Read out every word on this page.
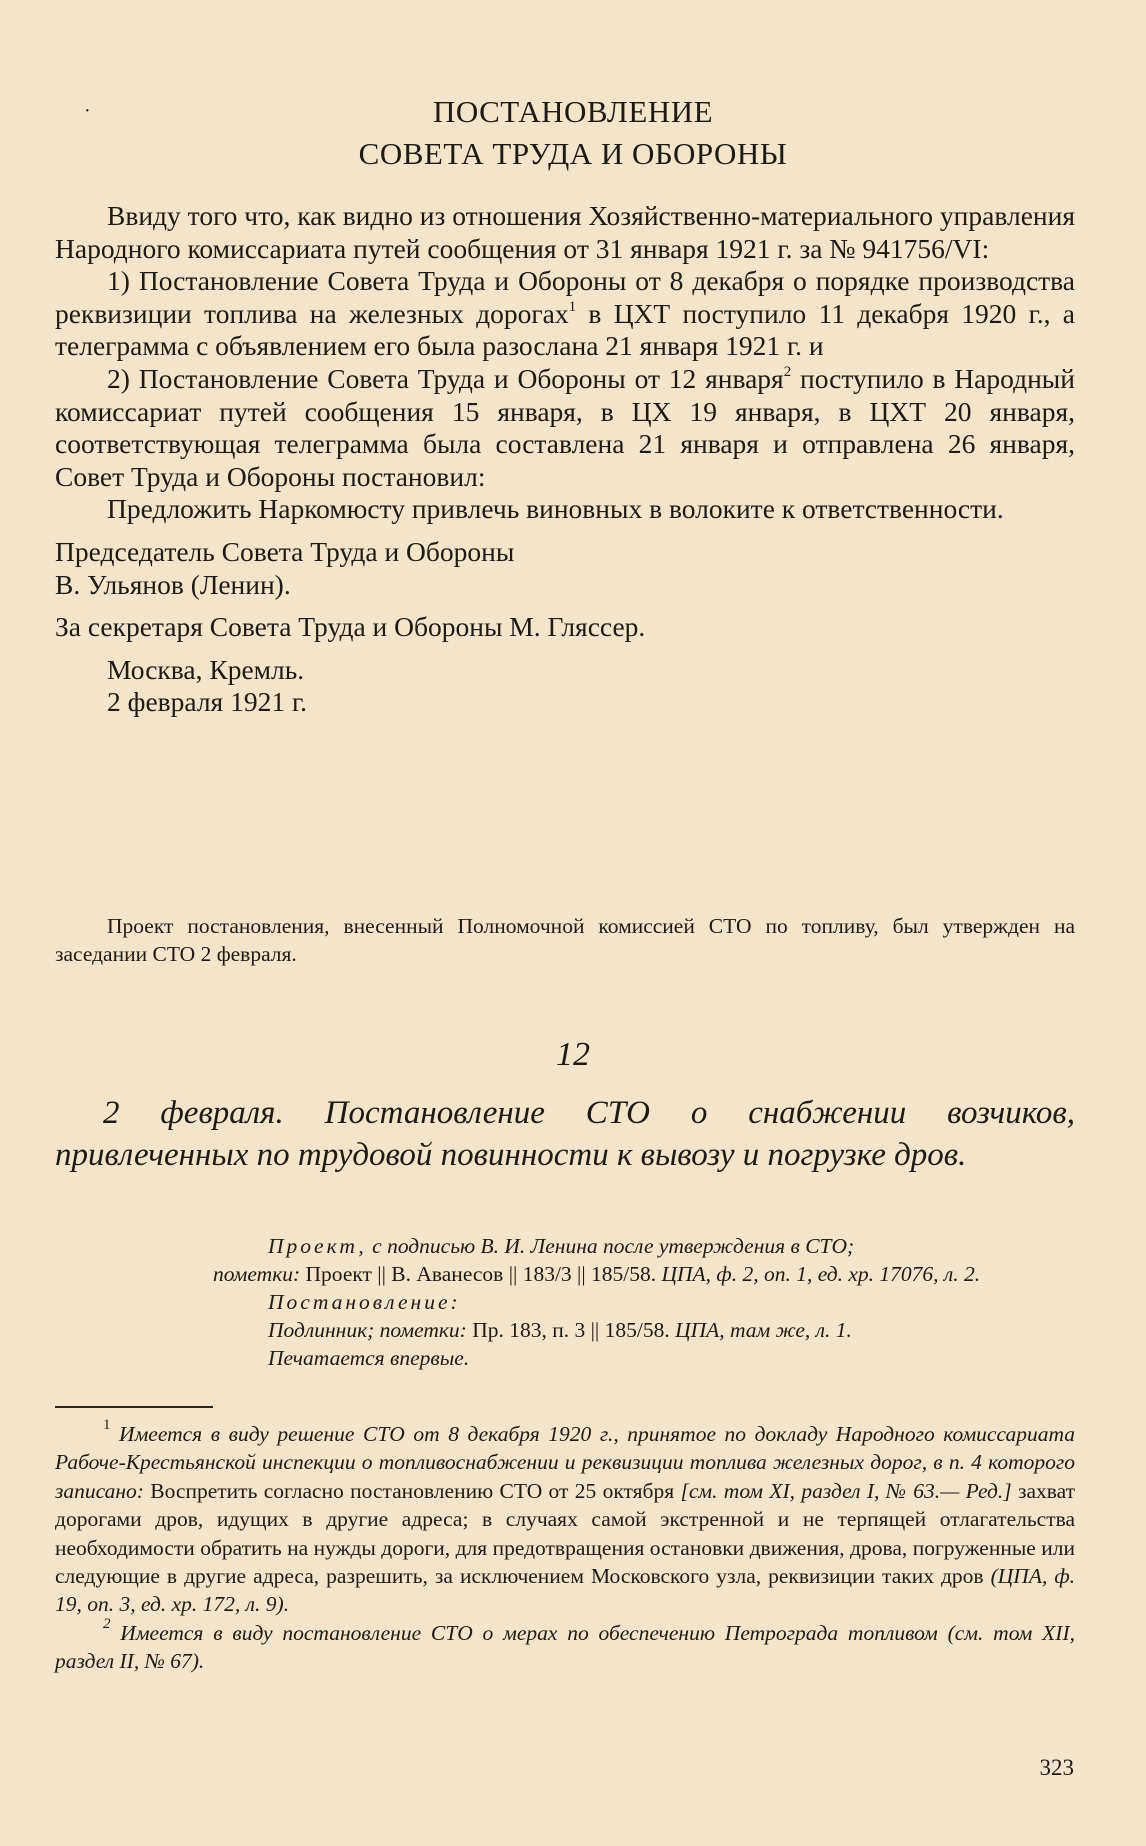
·	ПОСТАНОВЛЕНИЕ
СОВЕТА ТРУДА И ОБОРОНЫ

Ввиду того что, как видно из отношения Хозяйственно-материального управления Народного комиссариата путей сообщения от 31 января 1921 г. за № 941756/VI:

1) Постановление Совета Труда и Обороны от 8 декабря о порядке производства реквизиции топлива на железных дорогах$^1$ в ЦХТ поступило 11 декабря 1920 г., а телеграмма с объявлением его была разослана 21 января 1921 г. и

2) Постановление Совета Труда и Обороны от 12 января$^2$ поступило в Народный комиссариат путей сообщения 15 января, в ЦХ 19 января, в ЦХТ 20 января, соответствующая телеграмма была составлена 21 января и отправлена 26 января, Совет Труда и Обороны постановил:

Предложить Наркомюсту привлечь виновных в волоките к ответственности.

Председатель Совета Труда и Обороны

В. Ульянов (Ленин).

За секретаря Совета Труда и Обороны М. Гляссер.

Москва, Кремль.

2 февраля 1921 г.

Проект постановления, внесенный Полномочной комиссией СТО по топливу, был утвержден на заседании СТО 2 февраля.

12
2 февраля. Постановление СТО о снабжении возчиков, привлеченных по трудовой повинности к вывозу и погрузке дров.

Проект, с подписью В. И. Ленина после утверждения в СТО;

пометки: Проект || В. Аванесов || 183/3 || 185/58. ЦПА, ф. 2, оп. 1, ед. хр. 17076, л. 2.

Постановление:

Подлинник; пометки: Пр. 183, п. 3 || 185/58. ЦПА, там же, л. 1.

Печатается впервые.

$^1$ Имеется в виду решение СТО от 8 декабря 1920 г., принятое по докладу Народного комиссариата Рабоче-Крестьянской инспекции о топливоснабжении и реквизиции топлива железных дорог, в п. 4 которого записано: Воспретить согласно постановлению СТО от 25 октября [см. том XI, раздел I, № 63.— Ред.] захват дорогами дров, идущих в другие адреса; в случаях самой экстренной и не терпящей отлагательства необходимости обратить на нужды дороги, для предотвращения остановки движения, дрова, погруженные или следующие в другие адреса, разрешить, за исключением Московского узла, реквизиции таких дров (ЦПА, ф. 19, оп. 3, ед. хр. 172, л. 9).

$^2$ Имеется в виду постановление СТО о мерах по обеспечению Петрограда топливом (см. том XII, раздел II, № 67).

323
